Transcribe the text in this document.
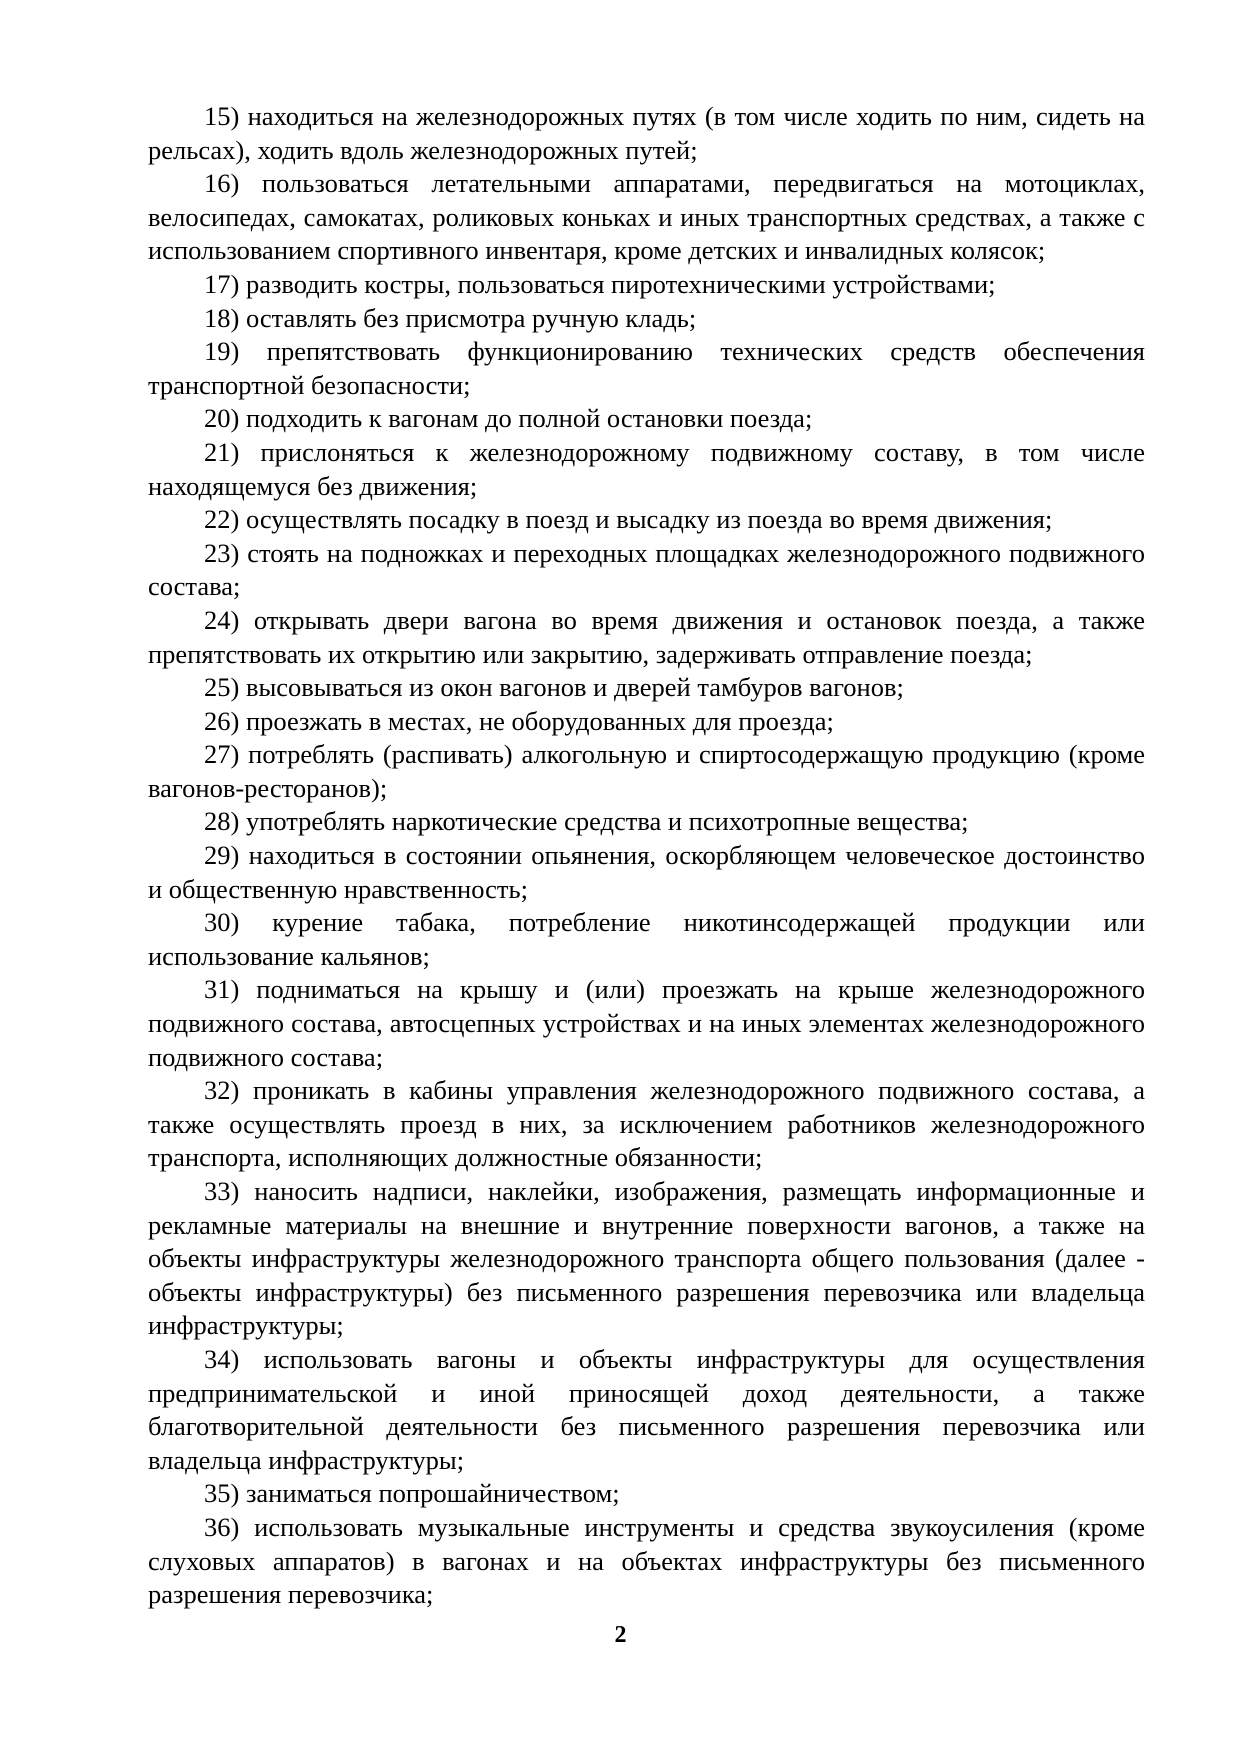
15) находиться на железнодорожных путях (в том числе ходить по ним, сидеть на рельсах), ходить вдоль железнодорожных путей;

16) пользоваться летательными аппаратами, передвигаться на мотоциклах, велосипедах, самокатах, роликовых коньках и иных транспортных средствах, а также с использованием спортивного инвентаря, кроме детских и инвалидных колясок;

17) разводить костры, пользоваться пиротехническими устройствами;

18) оставлять без присмотра ручную кладь;

19) препятствовать функционированию технических средств обеспечения транспортной безопасности;

20) подходить к вагонам до полной остановки поезда;

21) прислоняться к железнодорожному подвижному составу, в том числе находящемуся без движения;

22) осуществлять посадку в поезд и высадку из поезда во время движения;

23) стоять на подножках и переходных площадках железнодорожного подвижного состава;

24) открывать двери вагона во время движения и остановок поезда, а также препятствовать их открытию или закрытию, задерживать отправление поезда;

25) высовываться из окон вагонов и дверей тамбуров вагонов;

26) проезжать в местах, не оборудованных для проезда;

27) потреблять (распивать) алкогольную и спиртосодержащую продукцию (кроме вагонов-ресторанов);

28) употреблять наркотические средства и психотропные вещества;

29) находиться в состоянии опьянения, оскорбляющем человеческое достоинство и общественную нравственность;

30) курение табака, потребление никотинсодержащей продукции или использование кальянов;

31) подниматься на крышу и (или) проезжать на крыше железнодорожного подвижного состава, автосцепных устройствах и на иных элементах железнодорожного подвижного состава;

32) проникать в кабины управления железнодорожного подвижного состава, а также осуществлять проезд в них, за исключением работников железнодорожного транспорта, исполняющих должностные обязанности;

33) наносить надписи, наклейки, изображения, размещать информационные и рекламные материалы на внешние и внутренние поверхности вагонов, а также на объекты инфраструктуры железнодорожного транспорта общего пользования (далее - объекты инфраструктуры) без письменного разрешения перевозчика или владельца инфраструктуры;

34) использовать вагоны и объекты инфраструктуры для осуществления предпринимательской и иной приносящей доход деятельности, а также благотворительной деятельности без письменного разрешения перевозчика или владельца инфраструктуры;

35) заниматься попрошайничеством;

36) использовать музыкальные инструменты и средства звукоусиления (кроме слуховых аппаратов) в вагонах и на объектах инфраструктуры без письменного разрешения перевозчика;

2
